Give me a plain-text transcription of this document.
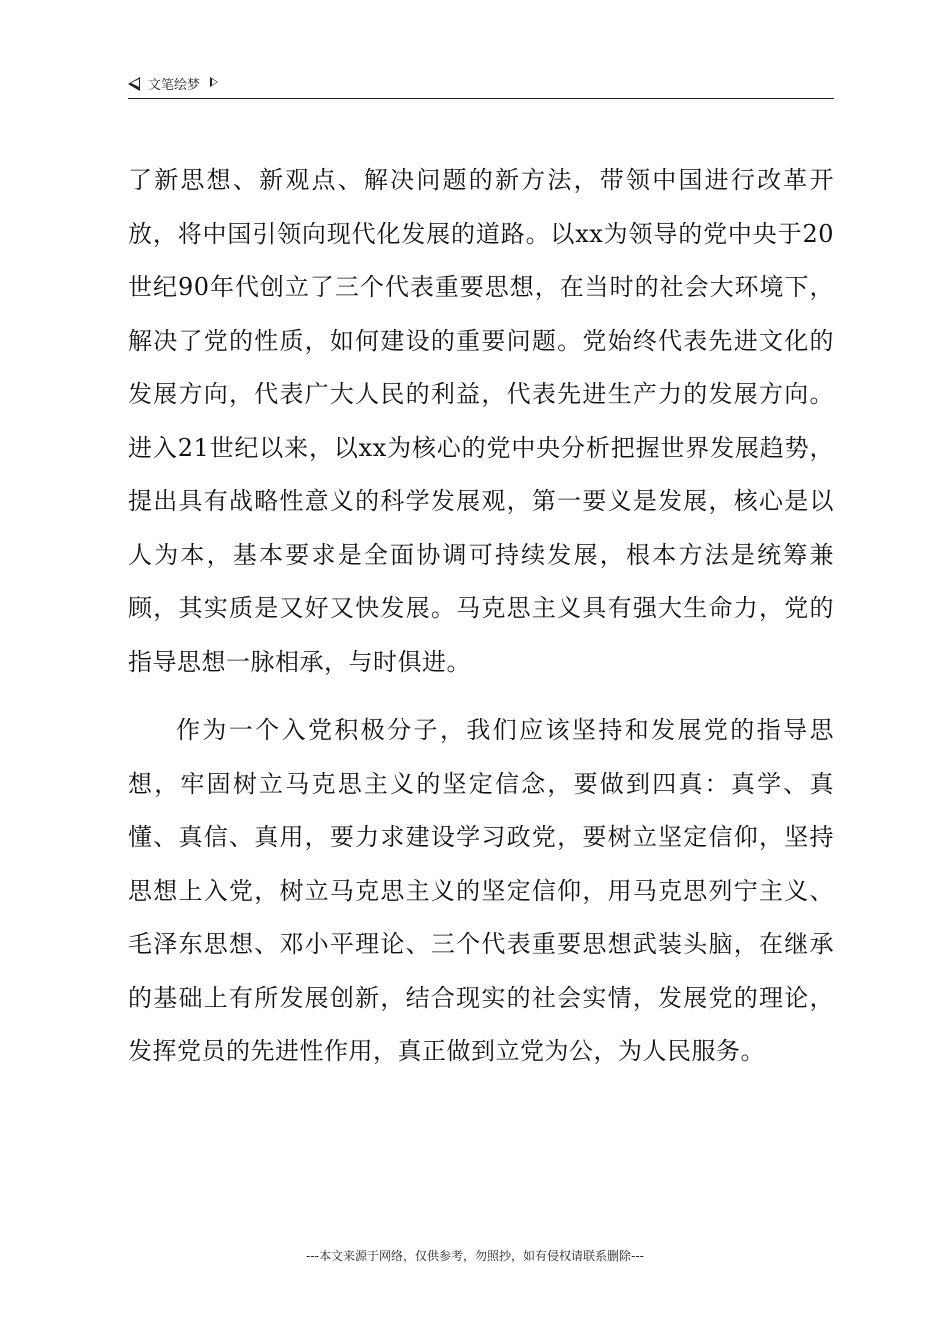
文笔绘梦

了新思想、新观点、解决问题的新方法，带领中国进行改革开放，将中国引领向现代化发展的道路。以xx为领导的党中央于20世纪90年代创立了三个代表重要思想，在当时的社会大环境下，解决了党的性质，如何建设的重要问题。党始终代表先进文化的发展方向，代表广大人民的利益，代表先进生产力的发展方向。进入21世纪以来，以xx为核心的党中央分析把握世界发展趋势，提出具有战略性意义的科学发展观，第一要义是发展，核心是以人为本，基本要求是全面协调可持续发展，根本方法是统筹兼顾，其实质是又好又快发展。马克思主义具有强大生命力，党的指导思想一脉相承，与时俱进。

作为一个入党积极分子，我们应该坚持和发展党的指导思想，牢固树立马克思主义的坚定信念，要做到四真：真学、真懂、真信、真用，要力求建设学习政党，要树立坚定信仰，坚持思想上入党，树立马克思主义的坚定信仰，用马克思列宁主义、毛泽东思想、邓小平理论、三个代表重要思想武装头脑，在继承的基础上有所发展创新，结合现实的社会实情，发展党的理论，发挥党员的先进性作用，真正做到立党为公，为人民服务。

---本文来源于网络，仅供参考，勿照抄，如有侵权请联系删除---
